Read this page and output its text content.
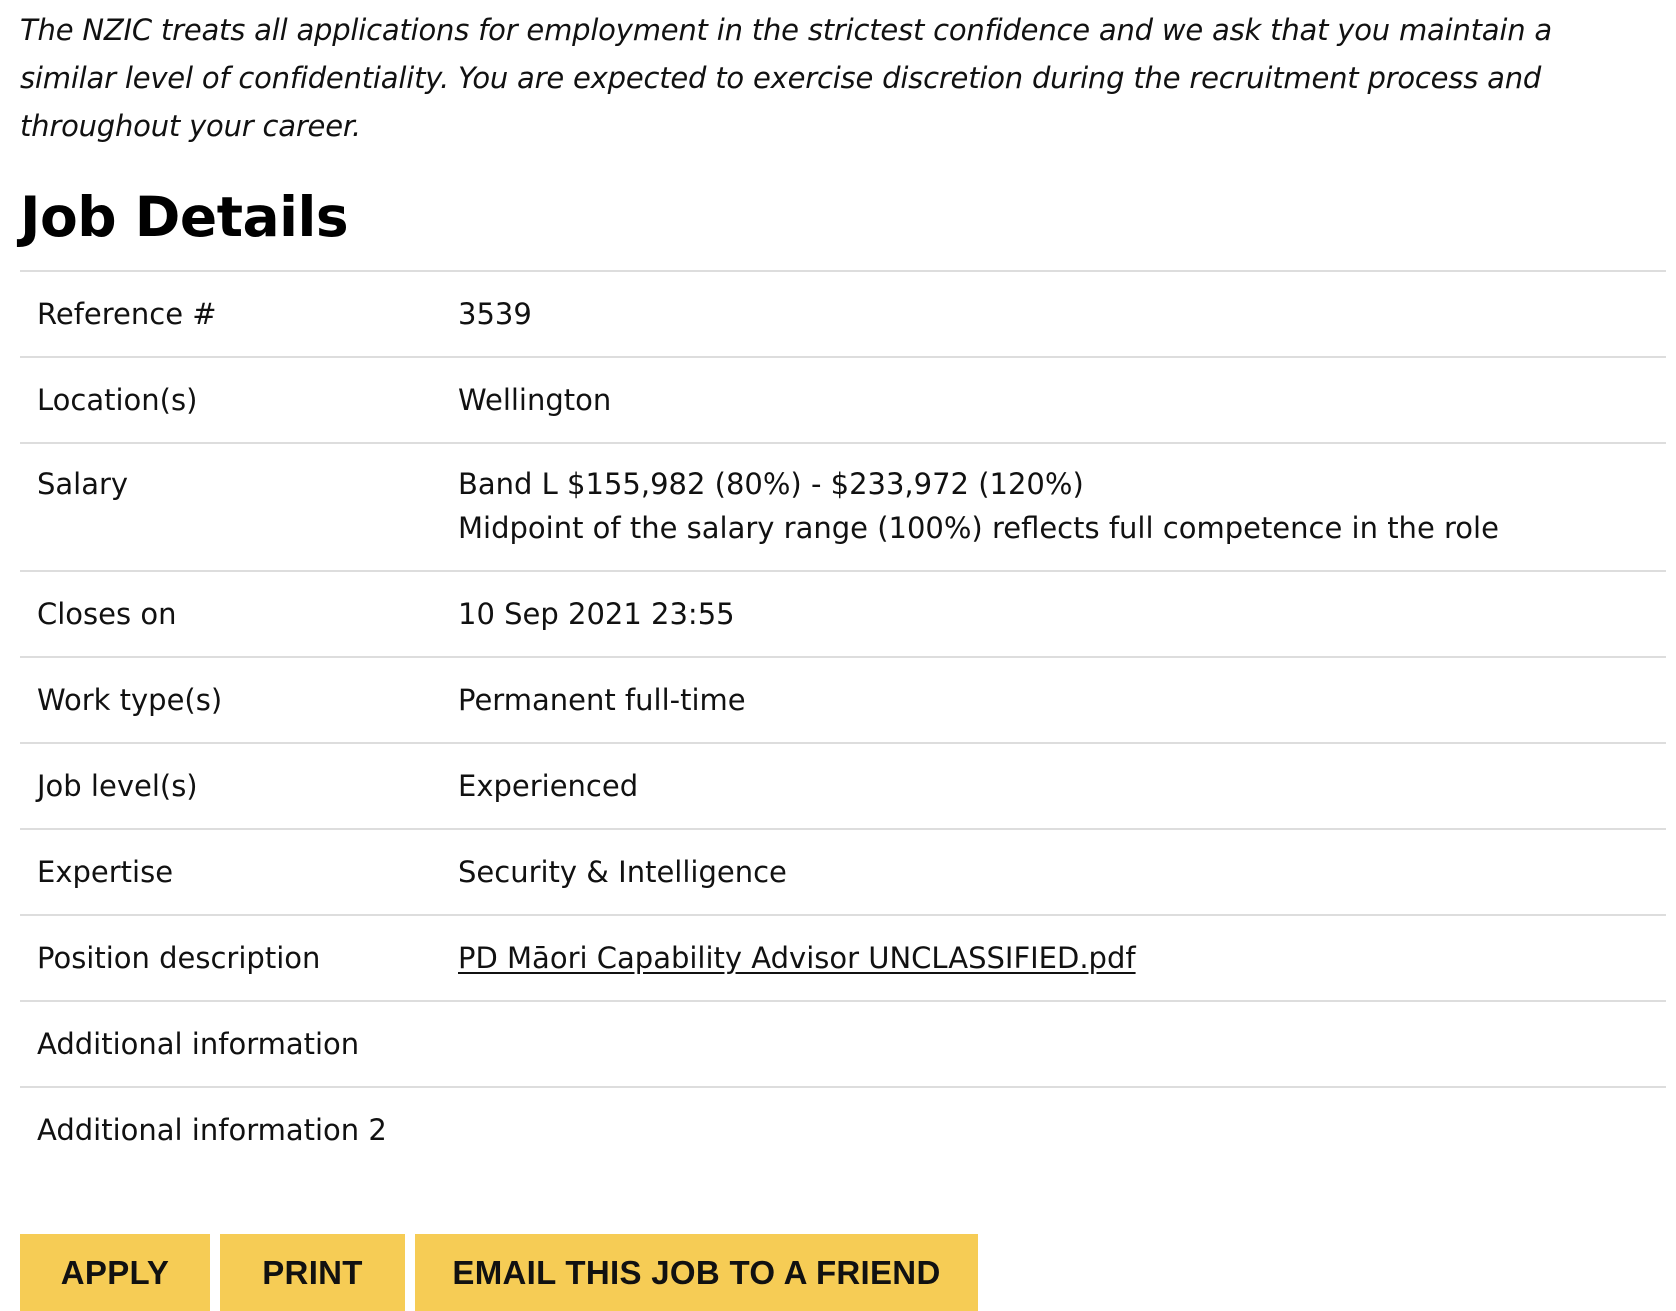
The NZIC treats all applications for employment in the strictest confidence and we ask that you maintain a similar level of confidentiality. You are expected to exercise discretion during the recruitment process and throughout your career.

Job Details
Reference #	3539
Location(s)	Wellington
Salary	Band L $155,982 (80%) - $233,972 (120%)
Midpoint of the salary range (100%) reflects full competence in the role
Closes on	10 Sep 2021 23:55
Work type(s)	Permanent full-time
Job level(s)	Experienced
Expertise	Security & Intelligence
Position description	PD Māori Capability Advisor UNCLASSIFIED.pdf
Additional information
Additional information 2
APPLY	PRINT	EMAIL THIS JOB TO A FRIEND
